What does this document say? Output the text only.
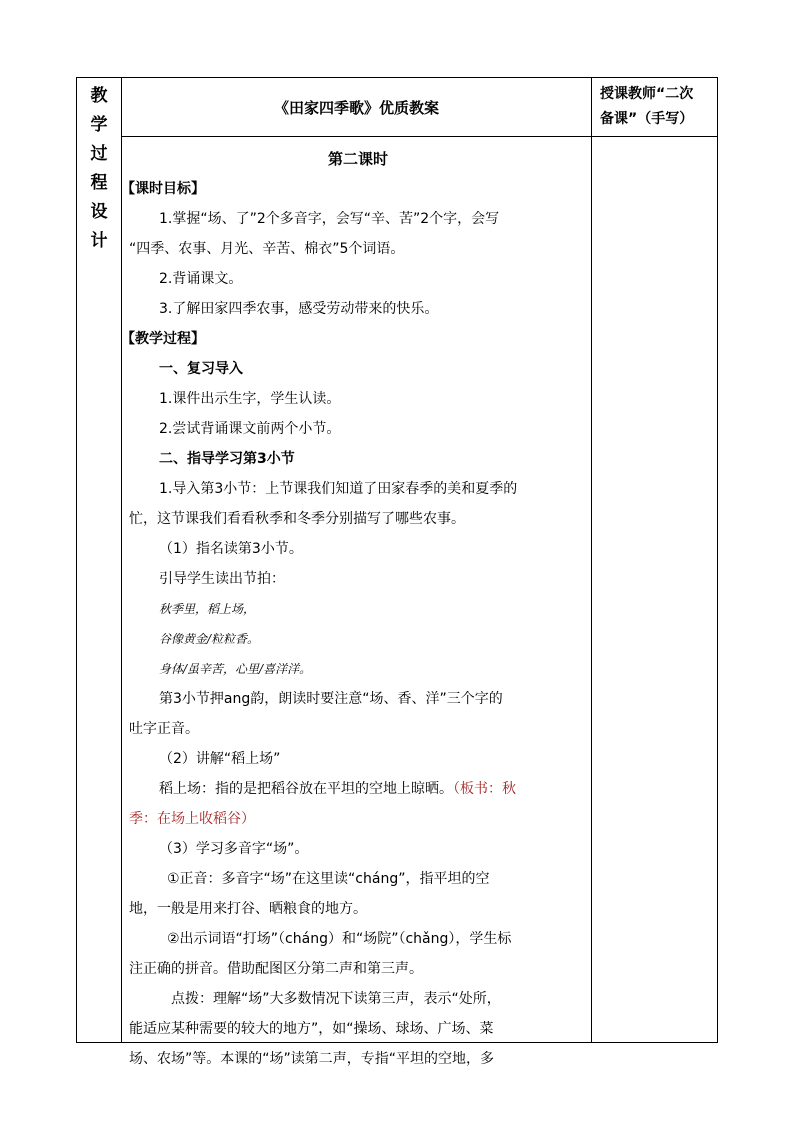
教
学
过
程
设
计
《田家四季歌》优质教案
授课教师“二次
备课”（手写）
第二课时
【课时目标】
1.掌握“场、了”2个多音字，会写“辛、苦”2个字，会写
“四季、农事、月光、辛苦、棉衣”5个词语。
2.背诵课文。
3.了解田家四季农事，感受劳动带来的快乐。
【教学过程】
一、复习导入
1.课件出示生字，学生认读。
2.尝试背诵课文前两个小节。
二、指导学习第3小节
1.导入第3小节：上节课我们知道了田家春季的美和夏季的
忙，这节课我们看看秋季和冬季分别描写了哪些农事。
（1）指名读第3小节。
引导学生读出节拍：
秋季里，稻上场，
谷像黄金/粒粒香。
身体/虽辛苦，心里/喜洋洋。
第3小节押ang韵，朗读时要注意“场、香、洋”三个字的
吐字正音。
（2）讲解“稻上场”
稻上场：指的是把稻谷放在平坦的空地上晾晒。（板书：秋
季：在场上收稻谷）
（3）学习多音字“场”。
①正音：多音字“场”在这里读“cháng”，指平坦的空
地，一般是用来打谷、晒粮食的地方。
②出示词语“打场”（cháng）和“场院”（chǎng），学生标
注正确的拼音。借助配图区分第二声和第三声。
点拨：理解“场”大多数情况下读第三声，表示“处所，
能适应某种需要的较大的地方”，如“操场、球场、广场、菜
场、农场”等。本课的“场”读第二声，专指“平坦的空地，多
